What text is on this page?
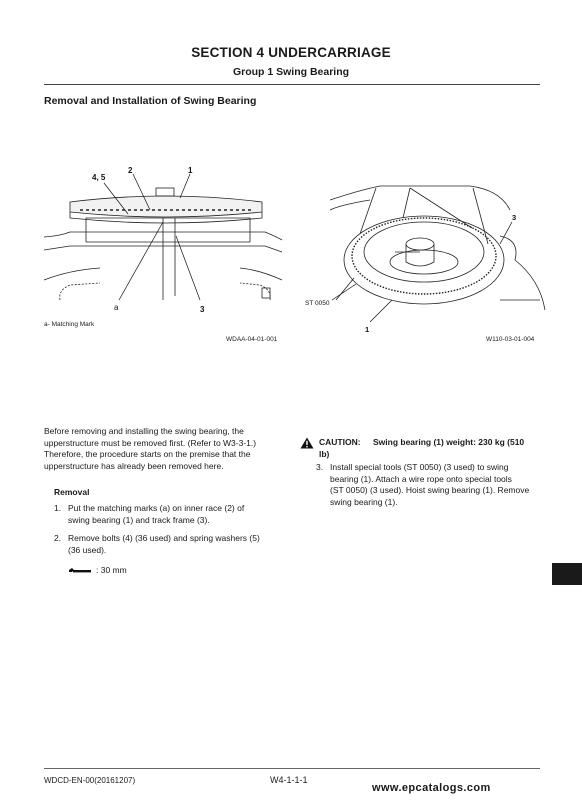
SECTION 4 UNDERCARRIAGE
Group 1 Swing Bearing
Removal and Installation of Swing Bearing
4, 5
2	1
a	3
3
ST 0050
1
a- Matching Mark
WDAA-04-01-001	W110-03-01-004
Before removing and installing the swing bearing, the
upperstructure must be removed first. (Refer to W3-3-1.)
Therefore, the procedure starts on the premise that the
upperstructure has already been removed here.
Removal
1. Put the matching marks (a) on inner race (2) of
swing bearing (1) and track frame (3).
2. Remove bolts (4) (36 used) and spring washers (5)
(36 used).
: 30 mm
CAUTION: Swing bearing (1) weight: 230 kg (510
lb)
3. Install special tools (ST 0050) (3 used) to swing
bearing (1). Attach a wire rope onto special tools
(ST 0050) (3 used). Hoist swing bearing (1). Remove
swing bearing (1).
WDCD-EN-00(20161207)	W4-1-1-1
www.epcatalogs.com
